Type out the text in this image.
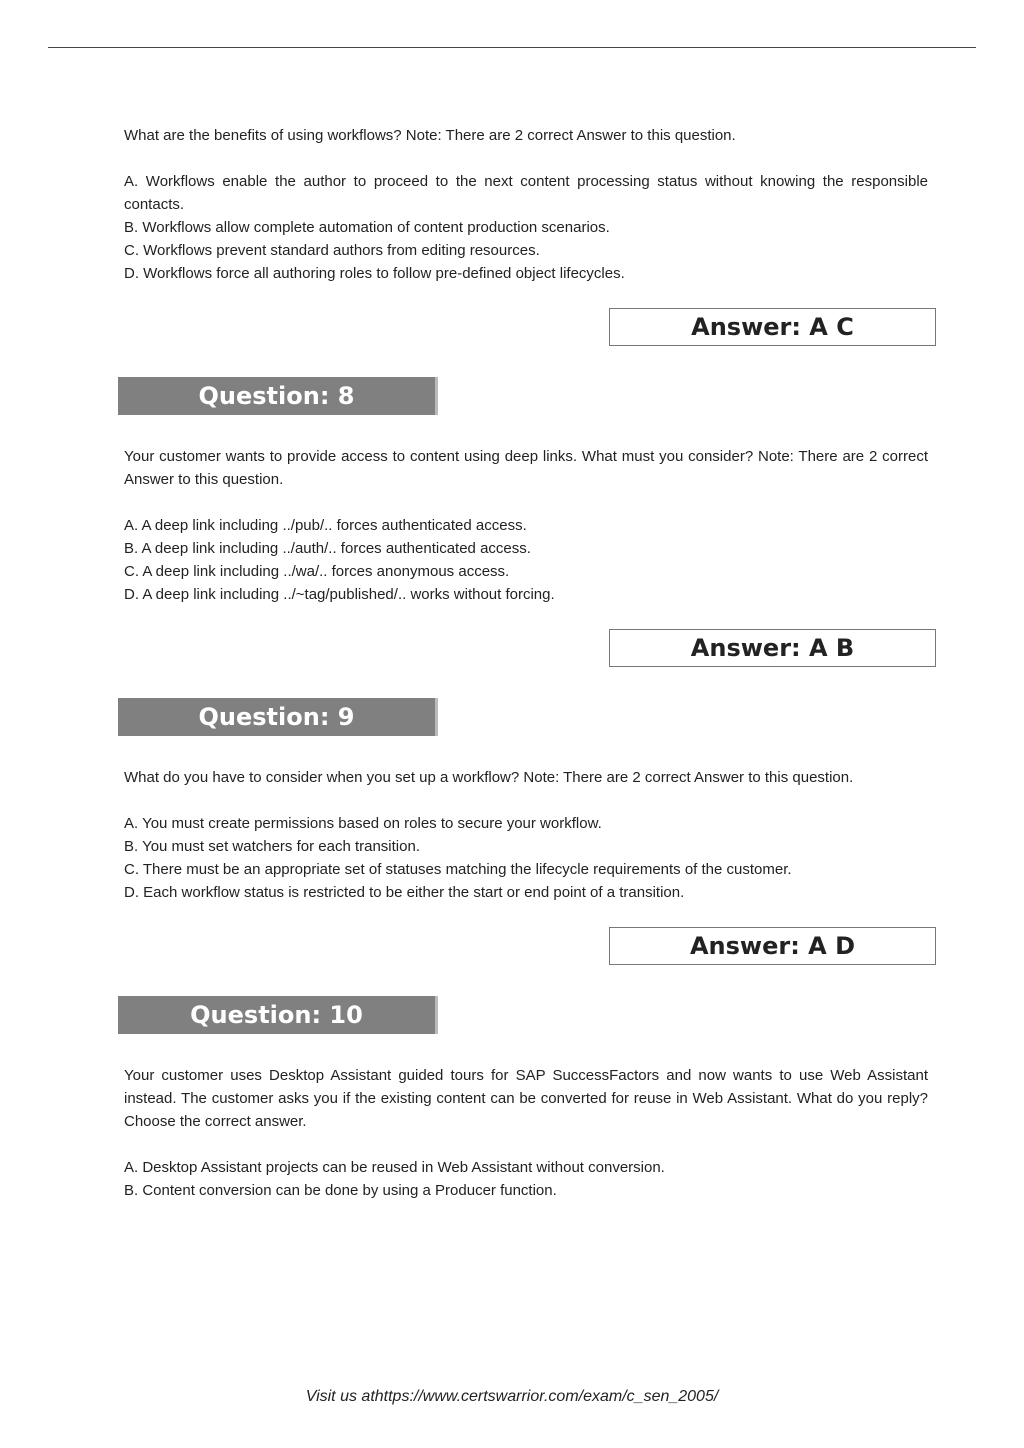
What are the benefits of using workflows? Note: There are 2 correct Answer to this question.

A. Workflows enable the author to proceed to the next content processing status without knowing the responsible contacts.

B. Workflows allow complete automation of content production scenarios.

C. Workflows prevent standard authors from editing resources.

D. Workflows force all authoring roles to follow pre-defined object lifecycles.

Answer: A C
Question: 8

Your customer wants to provide access to content using deep links. What must you consider? Note: There are 2 correct Answer to this question.

A. A deep link including ../pub/.. forces authenticated access.

B. A deep link including ../auth/.. forces authenticated access.

C. A deep link including ../wa/.. forces anonymous access.

D. A deep link including ../~tag/published/.. works without forcing.

Answer: A B
Question: 9

What do you have to consider when you set up a workflow? Note: There are 2 correct Answer to this question.

A. You must create permissions based on roles to secure your workflow.

B. You must set watchers for each transition.

C. There must be an appropriate set of statuses matching the lifecycle requirements of the customer.

D. Each workflow status is restricted to be either the start or end point of a transition.

Answer: A D
Question: 10

Your customer uses Desktop Assistant guided tours for SAP SuccessFactors and now wants to use Web Assistant instead. The customer asks you if the existing content can be converted for reuse in Web Assistant. What do you reply? Choose the correct answer.

A. Desktop Assistant projects can be reused in Web Assistant without conversion.

B. Content conversion can be done by using a Producer function.

Visit us athttps://www.certswarrior.com/exam/c_sen_2005/
